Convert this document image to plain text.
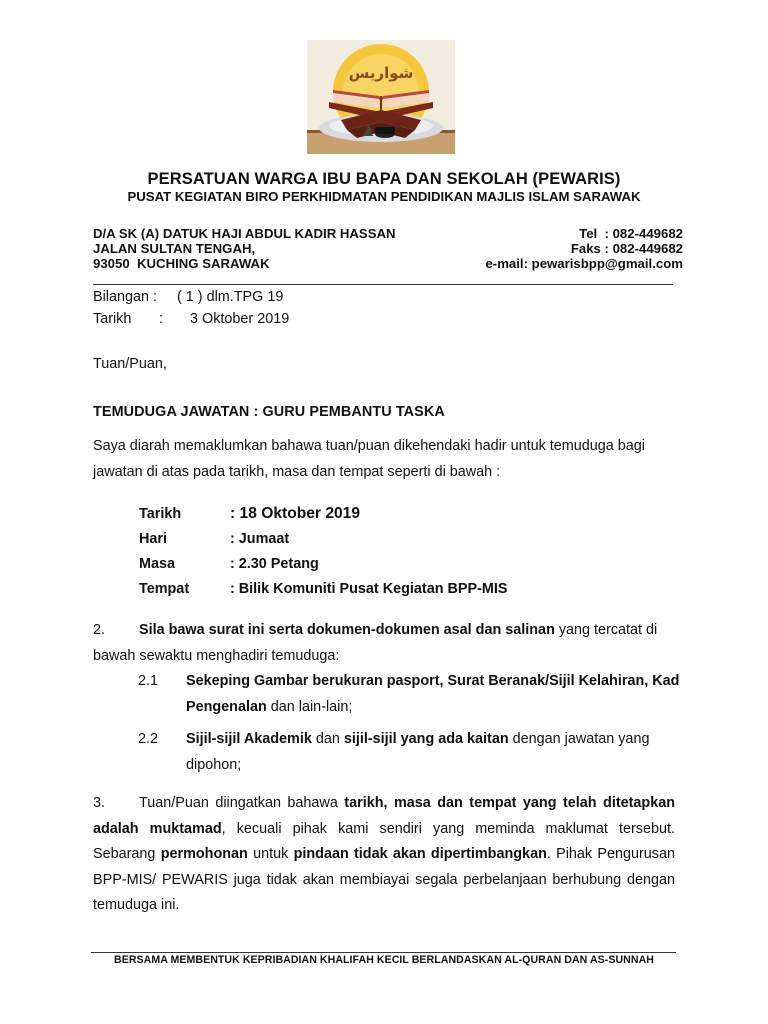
شواريس
PERSATUAN WARGA IBU BAPA DAN SEKOLAH (PEWARIS)
PUSAT KEGIATAN BIRO PERKHIDMATAN PENDIDIKAN MAJLIS ISLAM SARAWAK
D/A SK (A) DATUK HAJI ABDUL KADIR HASSAN
JALAN SULTAN TENGAH,
93050  KUCHING SARAWAK
Tel  : 082-449682
Faks : 082-449682
e-mail: pewarisbpp@gmail.com
Bilangan : ( 1 ) dlm.TPG 19
Tarikh : 3 Oktober 2019
Tuan/Puan,
TEMUDUGA JAWATAN : GURU PEMBANTU TASKA
Saya diarah memaklumkan bahawa tuan/puan dikehendaki hadir untuk temuduga bagi jawatan di atas pada tarikh, masa dan tempat seperti di bawah :
Tarikh	: 18 Oktober 2019
Hari	: Jumaat
Masa	: 2.30 Petang
Tempat	: Bilik Komuniti Pusat Kegiatan BPP-MIS
2. Sila bawa surat ini serta dokumen-dokumen asal dan salinan yang tercatat di bawah sewaktu menghadiri temuduga:
2.1 Sekeping Gambar berukuran pasport, Surat Beranak/Sijil Kelahiran, Kad Pengenalan dan lain-lain;
2.2 Sijil-sijil Akademik dan sijil-sijil yang ada kaitan dengan jawatan yang dipohon;
3. Tuan/Puan diingatkan bahawa tarikh, masa dan tempat yang telah ditetapkan adalah muktamad, kecuali pihak kami sendiri yang meminda maklumat tersebut. Sebarang permohonan untuk pindaan tidak akan dipertimbangkan. Pihak Pengurusan BPP-MIS/ PEWARIS juga tidak akan membiayai segala perbelanjaan berhubung dengan temuduga ini.
BERSAMA MEMBENTUK KEPRIBADIAN KHALIFAH KECIL BERLANDASKAN AL-QURAN DAN AS-SUNNAH
